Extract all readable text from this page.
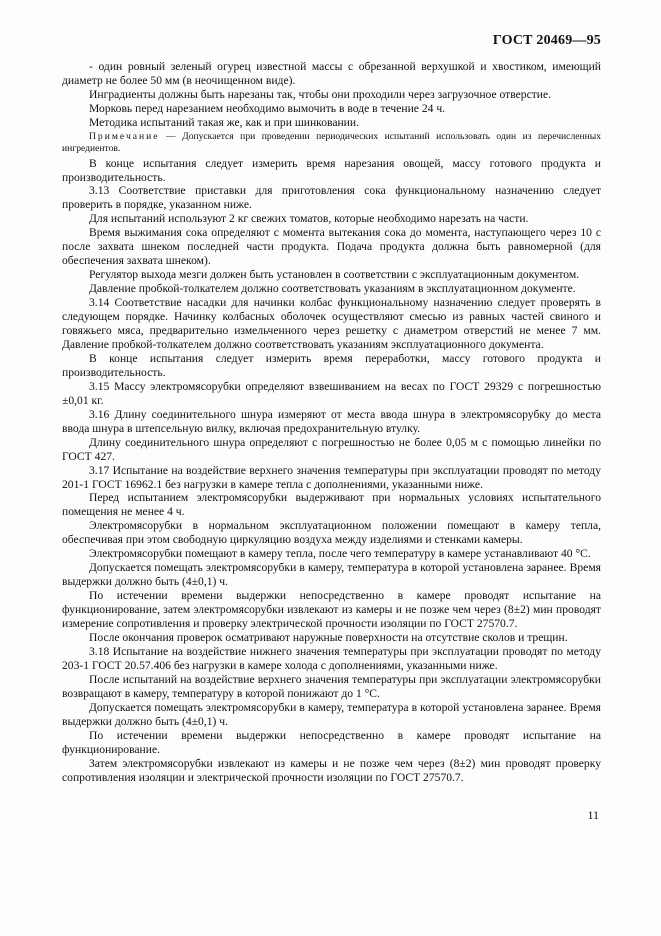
ГОСТ 20469—95

- один ровный зеленый огурец известной массы с обрезанной верхушкой и хвостиком, имеющий диаметр не более 50 мм (в неочищенном виде).

Инградиенты должны быть нарезаны так, чтобы они проходили через загрузочное отверстие.

Морковь перед нарезанием необходимо вымочить в воде в течение 24 ч.

Методика испытаний такая же, как и при шинковании.

Примечание — Допускается при проведении периодических испытаний использовать один из перечисленных ингредиентов.

В конце испытания следует измерить время нарезания овощей, массу готового продукта и производительность.

3.13 Соответствие приставки для приготовления сока функциональному назначению следует проверить в порядке, указанном ниже.

Для испытаний используют 2 кг свежих томатов, которые необходимо нарезать на части.

Время выжимания сока определяют с момента вытекания сока до момента, наступающего через 10 с после захвата шнеком последней части продукта. Подача продукта должна быть равномерной (для обеспечения захвата шнеком).

Регулятор выхода мезги должен быть установлен в соответствии с эксплуатационным документом.

Давление пробкой-толкателем должно соответствовать указаниям в эксплуатационном документе.

3.14 Соответствие насадки для начинки колбас функциональному назначению следует проверять в следующем порядке. Начинку колбасных оболочек осуществляют смесью из равных частей свиного и говяжьего мяса, предварительно измельченного через решетку с диаметром отверстий не менее 7 мм. Давление пробкой-толкателем должно соответствовать указаниям эксплуатационного документа.

В конце испытания следует измерить время переработки, массу готового продукта и производительность.

3.15 Массу электромясорубки определяют взвешиванием на весах по ГОСТ 29329 с погрешностью ±0,01 кг.

3.16 Длину соединительного шнура измеряют от места ввода шнура в электромясорубку до места ввода шнура в штепсельную вилку, включая предохранительную втулку.

Длину соединительного шнура определяют с погрешностью не более 0,05 м с помощью линейки по ГОСТ 427.

3.17 Испытание на воздействие верхнего значения температуры при эксплуатации проводят по методу 201-1 ГОСТ 16962.1 без нагрузки в камере тепла с дополнениями, указанными ниже.

Перед испытанием электромясорубки выдерживают при нормальных условиях испытательного помещения не менее 4 ч.

Электромясорубки в нормальном эксплуатационном положении помещают в камеру тепла, обеспечивая при этом свободную циркуляцию воздуха между изделиями и стенками камеры.

Электромясорубки помещают в камеру тепла, после чего температуру в камере устанавливают 40 °С.

Допускается помещать электромясорубки в камеру, температура в которой установлена заранее. Время выдержки должно быть (4±0,1) ч.

По истечении времени выдержки непосредственно в камере проводят испытание на функционирование, затем электромясорубки извлекают из камеры и не позже чем через (8±2) мин проводят измерение сопротивления и проверку электрической прочности изоляции по ГОСТ 27570.7.

После окончания проверок осматривают наружные поверхности на отсутствие сколов и трещин.

3.18 Испытание на воздействие нижнего значения температуры при эксплуатации проводят по методу 203-1 ГОСТ 20.57.406 без нагрузки в камере холода с дополнениями, указанными ниже.

После испытаний на воздействие верхнего значения температуры при эксплуатации электромясорубки возвращают в камеру, температуру в которой понижают до 1 °С.

Допускается помещать электромясорубки в камеру, температура в которой установлена заранее. Время выдержки должно быть (4±0,1) ч.

По истечении времени выдержки непосредственно в камере проводят испытание на функционирование.

Затем электромясорубки извлекают из камеры и не позже чем через (8±2) мин проводят проверку сопротивления изоляции и электрической прочности изоляции по ГОСТ 27570.7.

11
